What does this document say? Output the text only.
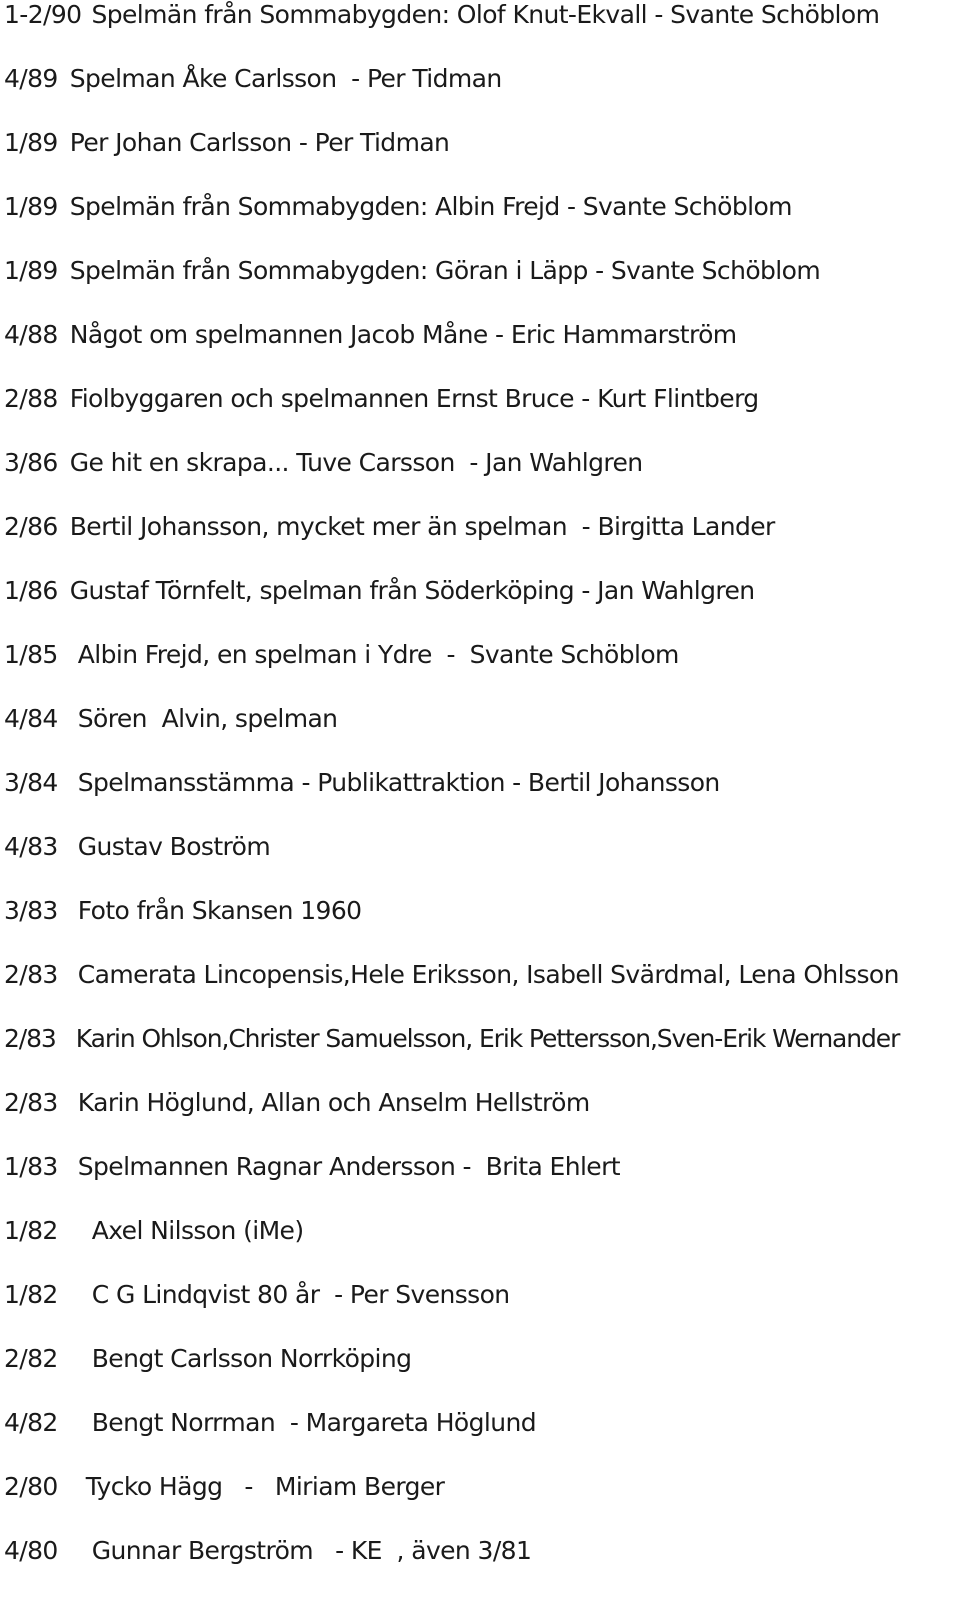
1-2/90 Spelmän från Sommabygden: Olof Knut-Ekvall - Svante Schöblom
4/89 Spelman Åke Carlsson  - Per Tidman
1/89 Per Johan Carlsson - Per Tidman
1/89 Spelmän från Sommabygden: Albin Frejd - Svante Schöblom
1/89 Spelmän från Sommabygden: Göran i Läpp - Svante Schöblom
4/88 Något om spelmannen Jacob Måne - Eric Hammarström
2/88 Fiolbyggaren och spelmannen Ernst Bruce - Kurt Flintberg
3/86 Ge hit en skrapa... Tuve Carsson  - Jan Wahlgren
2/86 Bertil Johansson, mycket mer än spelman  - Birgitta Lander
1/86 Gustaf Törnfelt, spelman från Söderköping - Jan Wahlgren
1/85 Albin Frejd, en spelman i Ydre  -  Svante Schöblom
4/84 Sören  Alvin, spelman
3/84 Spelmansstämma - Publikattraktion - Bertil Johansson
4/83 Gustav Boström
3/83 Foto från Skansen 1960
2/83 Camerata Lincopensis,Hele Eriksson, Isabell Svärdmal, Lena Ohlsson
2/83 Karin Ohlson,Christer Samuelsson, Erik Pettersson,Sven-Erik Wernander
2/83 Karin Höglund, Allan och Anselm Hellström
1/83 Spelmannen Ragnar Andersson -  Brita Ehlert
1/82 Axel Nilsson (iMe)
1/82 C G Lindqvist 80 år  - Per Svensson
2/82 Bengt Carlsson Norrköping
4/82 Bengt Norrman  - Margareta Höglund
2/80 Tycko Hägg   -   Miriam Berger
4/80 Gunnar Bergström   - KE  , även 3/81
